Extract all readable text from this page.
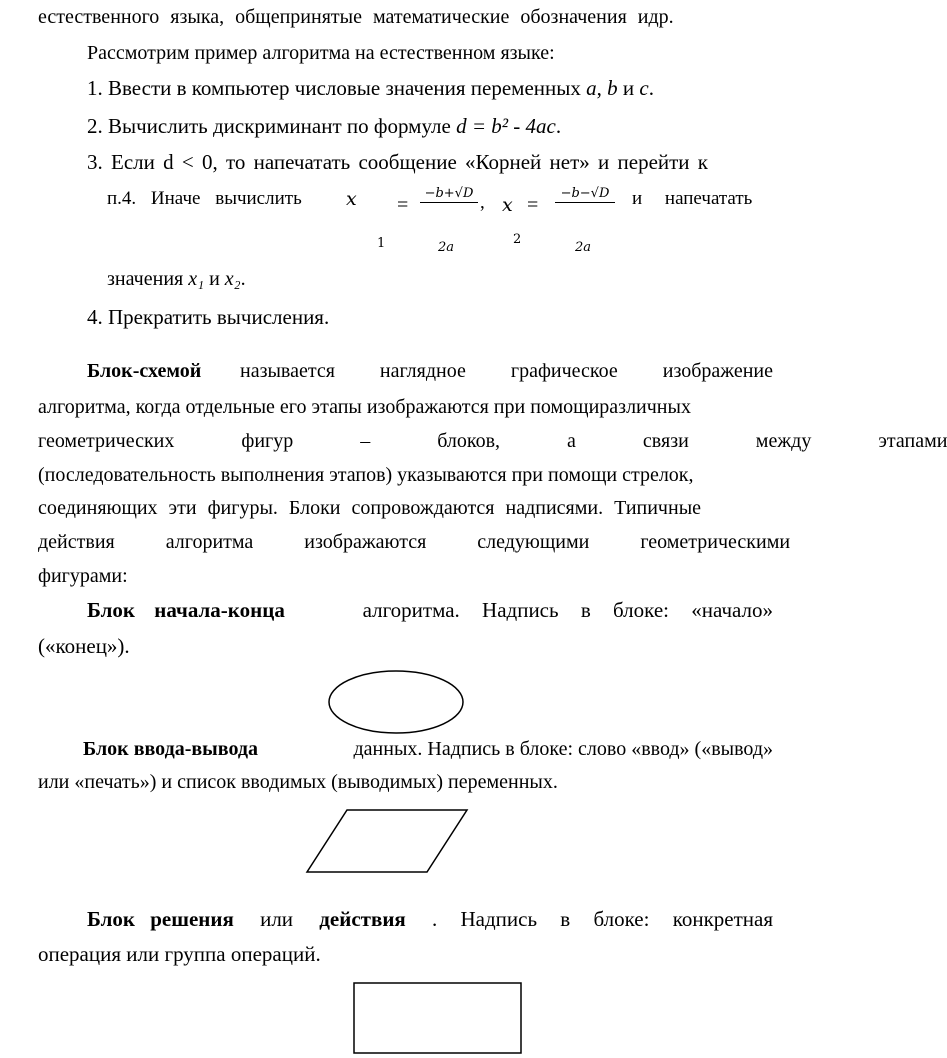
естественного языка, общепринятые математические обозначения идр.
Рассмотрим пример алгоритма на естественном языке:
1. Ввести в компьютер числовые значения переменных a, b и c.
2. Вычислить дискриминант по формуле d = b² - 4ac.
3. Если d < 0, то напечатать сообщение «Корней нет» и перейти к
п.4. Иначе вычислить 𝑥
1
=
−b+√D
2a
, 𝑥
2
=
−b−√D
2a
и напечатать
значения x₁ и x₂.
4. Прекратить вычисления.
Блок-схемой называется наглядное графическое изображение
алгоритма, когда отдельные его этапы изображаются при помощиразличных
геометрических фигур – блоков, а связи между этапами
(последовательность выполнения этапов) указываются при помощи стрелок,
соединяющих эти фигуры. Блоки сопровождаются надписями. Типичные
действия алгоритма изображаются следующими геометрическими
фигурами:
Блок начала-конца	алгоритма. Надпись в блоке: «начало»
(«конец»).
Блок ввода-вывода	данных. Надпись в блоке: слово «ввод» («вывод»
или «печать») и список вводимых (выводимых) переменных.
Блок решения или действия . Надпись в блоке: конкретная
операция или группа операций.
